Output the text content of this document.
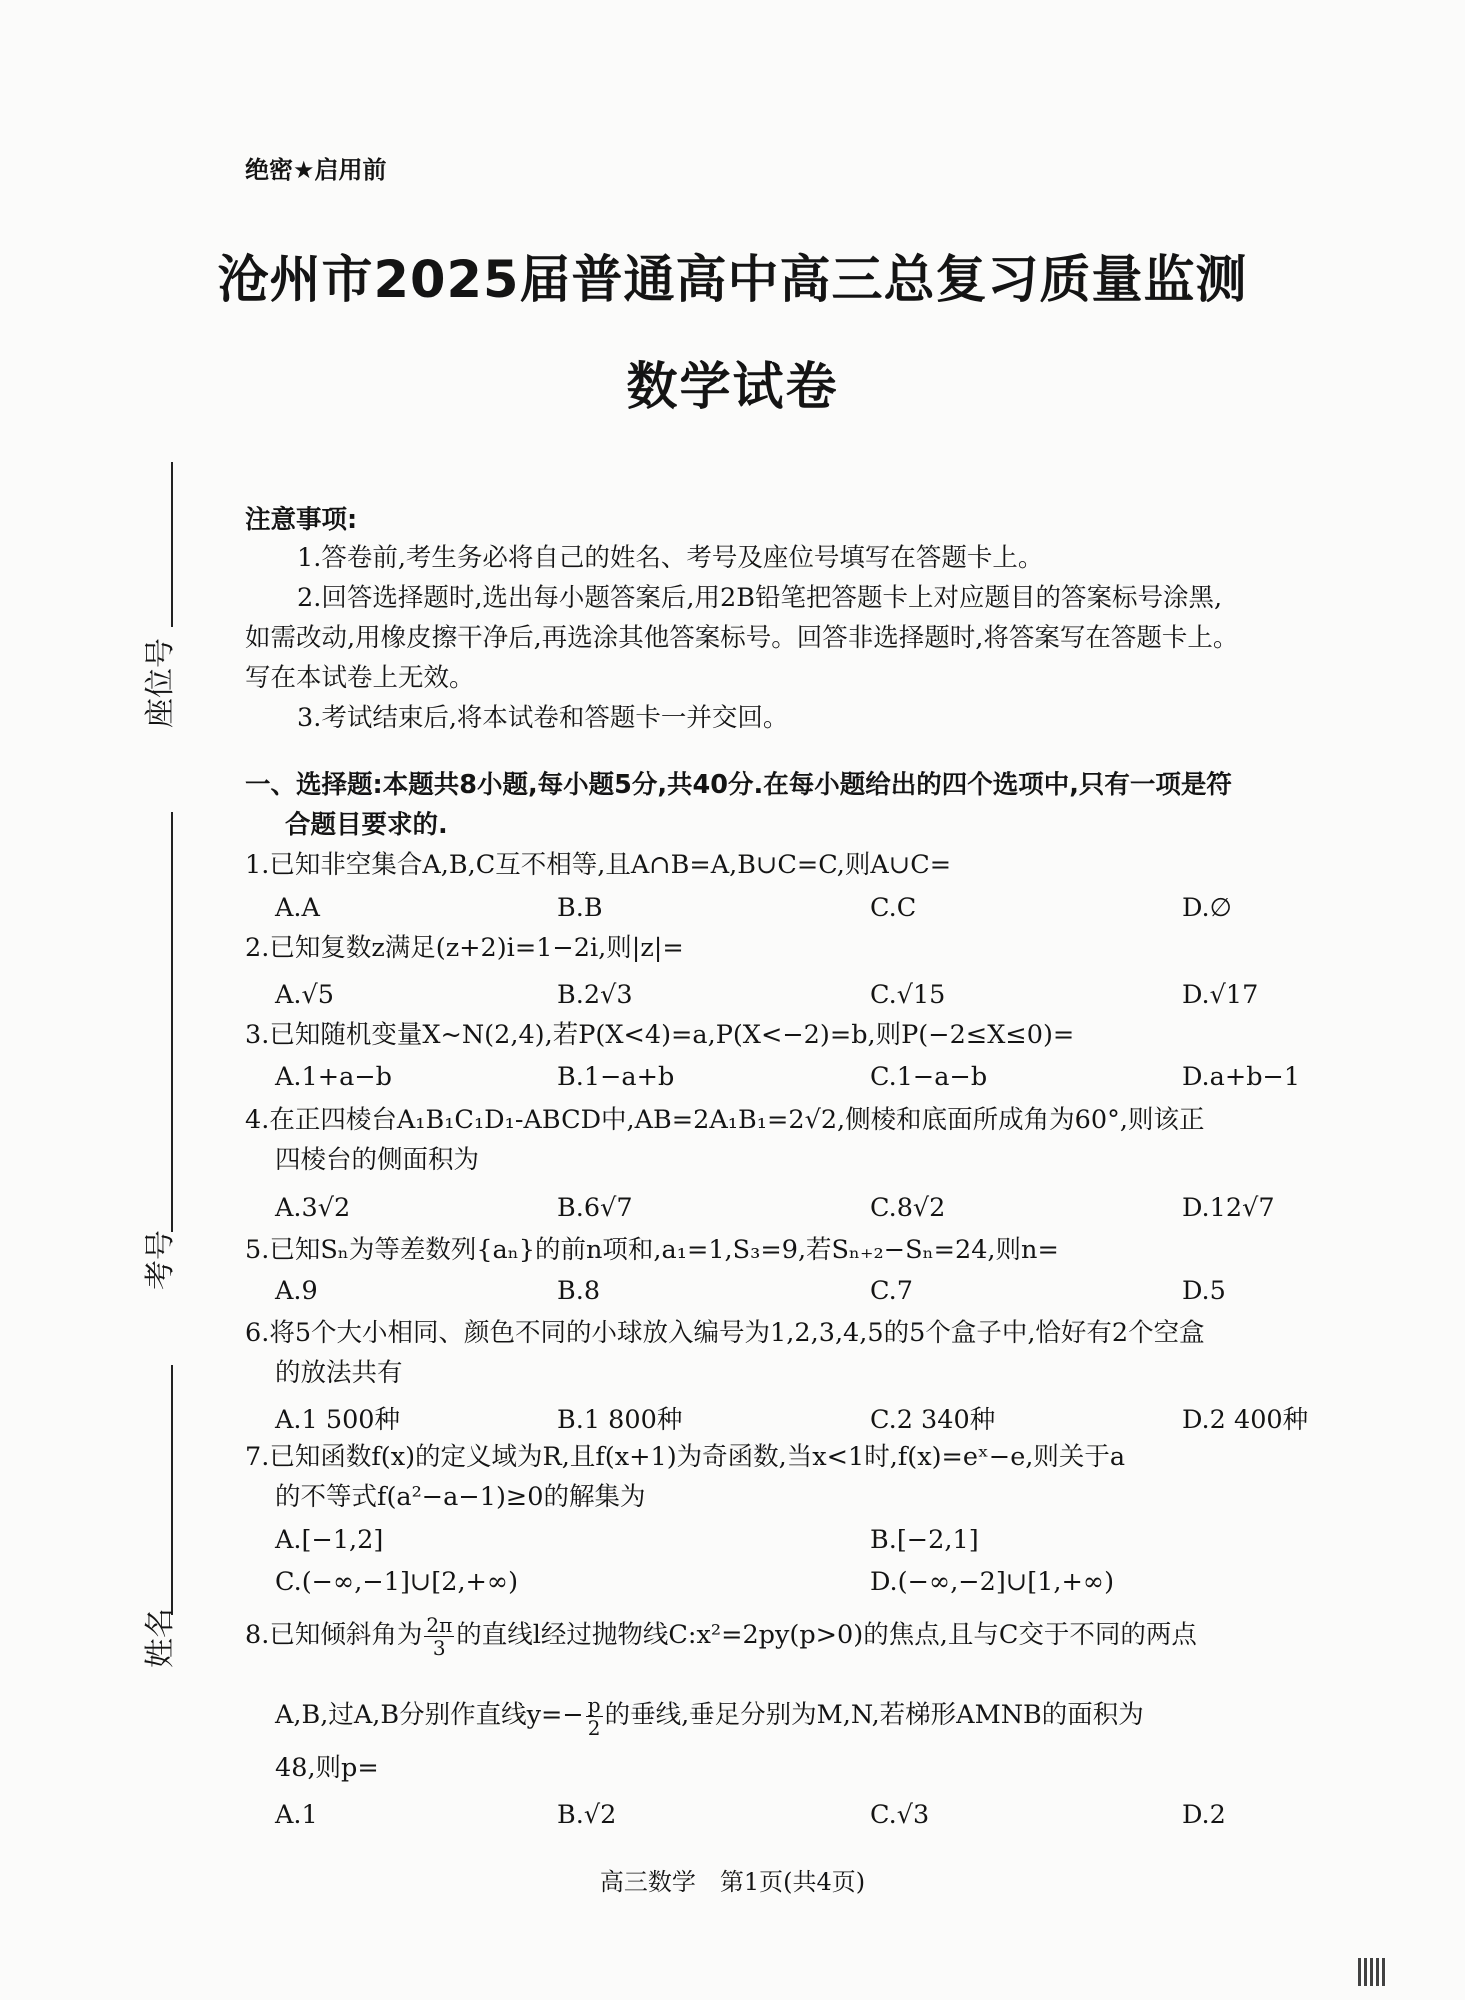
绝密★启用前
沧州市2025届普通高中高三总复习质量监测
数学试卷
座位号
考号
姓名
注意事项:
1.答卷前,考生务必将自己的姓名、考号及座位号填写在答题卡上。
2.回答选择题时,选出每小题答案后,用2B铅笔把答题卡上对应题目的答案标号涂黑,
如需改动,用橡皮擦干净后,再选涂其他答案标号。回答非选择题时,将答案写在答题卡上。
写在本试卷上无效。
3.考试结束后,将本试卷和答题卡一并交回。
一、选择题:本题共8小题,每小题5分,共40分.在每小题给出的四个选项中,只有一项是符
合题目要求的.
1.已知非空集合A,B,C互不相等,且A∩B=A,B∪C=C,则A∪C=
A.A	B.B	C.C	D.∅
2.已知复数z满足(z+2)i=1−2i,则|z|=
A.√5	B.2√3	C.√15	D.√17
3.已知随机变量X~N(2,4),若P(X<4)=a,P(X<−2)=b,则P(−2≤X≤0)=
A.1+a−b	B.1−a+b	C.1−a−b	D.a+b−1
4.在正四棱台A₁B₁C₁D₁-ABCD中,AB=2A₁B₁=2√2,侧棱和底面所成角为60°,则该正
四棱台的侧面积为
A.3√2	B.6√7	C.8√2	D.12√7
5.已知Sₙ为等差数列{aₙ}的前n项和,a₁=1,S₃=9,若Sₙ₊₂−Sₙ=24,则n=
A.9	B.8	C.7	D.5
6.将5个大小相同、颜色不同的小球放入编号为1,2,3,4,5的5个盒子中,恰好有2个空盒
的放法共有
A.1 500种	B.1 800种	C.2 340种	D.2 400种
7.已知函数f(x)的定义域为R,且f(x+1)为奇函数,当x<1时,f(x)=eˣ−e,则关于a
的不等式f(a²−a−1)≥0的解集为
A.[−1,2]	B.[−2,1]
C.(−∞,−1]∪[2,+∞)	D.(−∞,−2]∪[1,+∞)
8.已知倾斜角为 $\frac{2\pi}{3}$ 的直线l经过抛物线C:x²=2py(p>0)的焦点,且与C交于不同的两点
A,B,过A,B分别作直线$y=- \frac{p}{2}$ 的垂线,垂足分别为M,N,若梯形AMNB的面积为
48,则p=
A.1	B.√2	C.√3	D.2
高三数学　第1页(共4页)
